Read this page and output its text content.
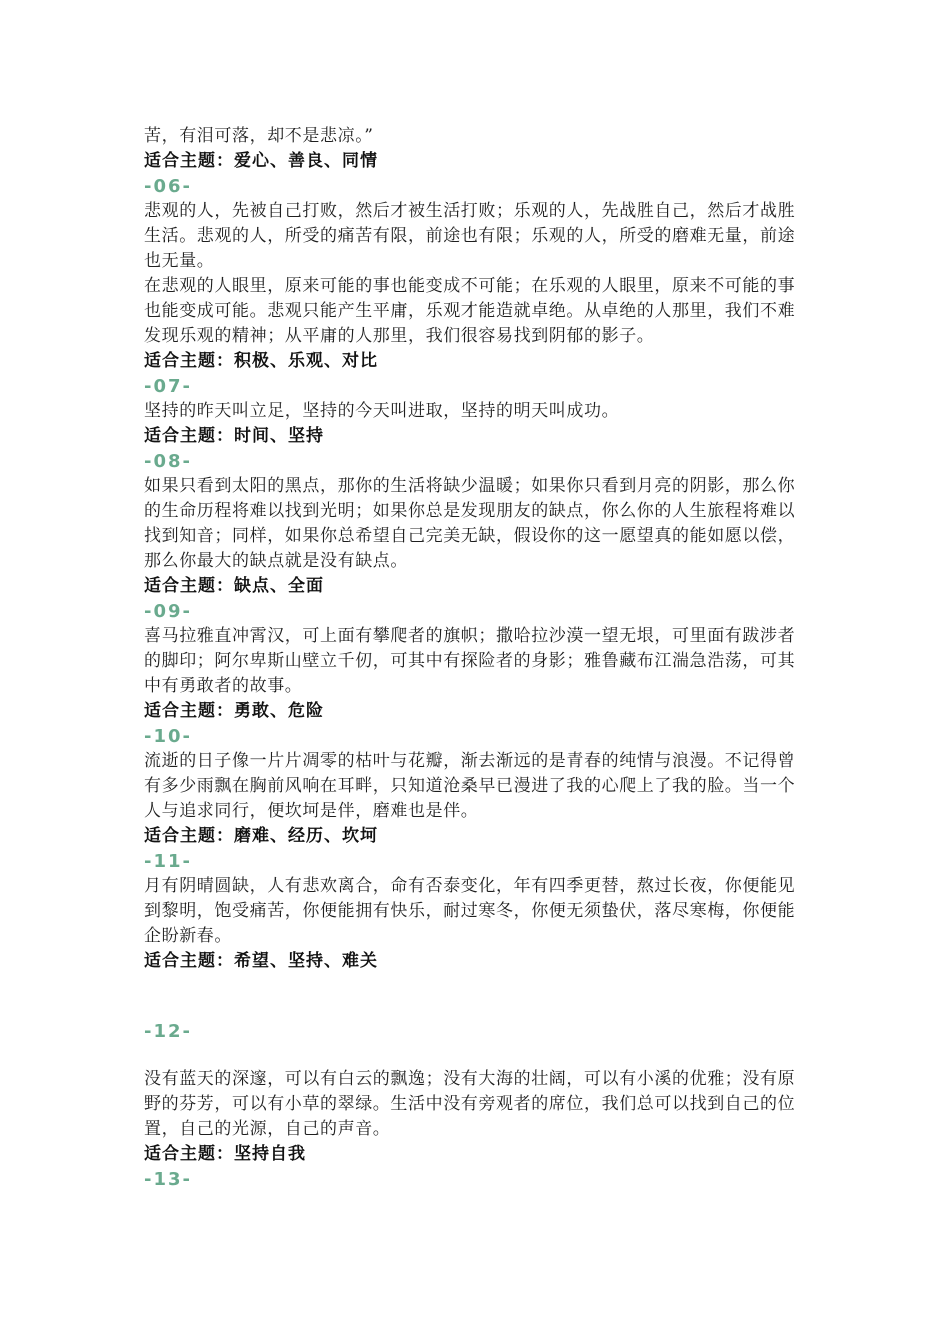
苦，有泪可落，却不是悲凉。”

适合主题：爱心、善良、同情

-06-

悲观的人，先被自己打败，然后才被生活打败；乐观的人，先战胜自己，然后才战胜生活。悲观的人，所受的痛苦有限，前途也有限；乐观的人，所受的磨难无量，前途也无量。

在悲观的人眼里，原来可能的事也能变成不可能；在乐观的人眼里，原来不可能的事也能变成可能。悲观只能产生平庸，乐观才能造就卓绝。从卓绝的人那里，我们不难发现乐观的精神；从平庸的人那里，我们很容易找到阴郁的影子。

适合主题：积极、乐观、对比

-07-

坚持的昨天叫立足，坚持的今天叫进取，坚持的明天叫成功。

适合主题：时间、坚持

-08-

如果只看到太阳的黑点，那你的生活将缺少温暖；如果你只看到月亮的阴影，那么你的生命历程将难以找到光明；如果你总是发现朋友的缺点，你么你的人生旅程将难以找到知音；同样，如果你总希望自己完美无缺，假设你的这一愿望真的能如愿以偿，那么你最大的缺点就是没有缺点。

适合主题：缺点、全面

-09-

喜马拉雅直冲霄汉，可上面有攀爬者的旗帜；撒哈拉沙漠一望无垠，可里面有跋涉者的脚印；阿尔卑斯山壁立千仞，可其中有探险者的身影；雅鲁藏布江湍急浩荡，可其中有勇敢者的故事。

适合主题：勇敢、危险

-10-

流逝的日子像一片片凋零的枯叶与花瓣，渐去渐远的是青春的纯情与浪漫。不记得曾有多少雨飘在胸前风响在耳畔，只知道沧桑早已漫进了我的心爬上了我的脸。当一个人与追求同行，便坎坷是伴，磨难也是伴。

适合主题：磨难、经历、坎坷

-11-

月有阴晴圆缺，人有悲欢离合，命有否泰变化，年有四季更替，熬过长夜，你便能见到黎明，饱受痛苦，你便能拥有快乐，耐过寒冬，你便无须蛰伏，落尽寒梅，你便能企盼新春。

适合主题：希望、坚持、难关

-12-

没有蓝天的深邃，可以有白云的飘逸；没有大海的壮阔，可以有小溪的优雅；没有原野的芬芳，可以有小草的翠绿。生活中没有旁观者的席位，我们总可以找到自己的位置，自己的光源，自己的声音。

适合主题：坚持自我

-13-
